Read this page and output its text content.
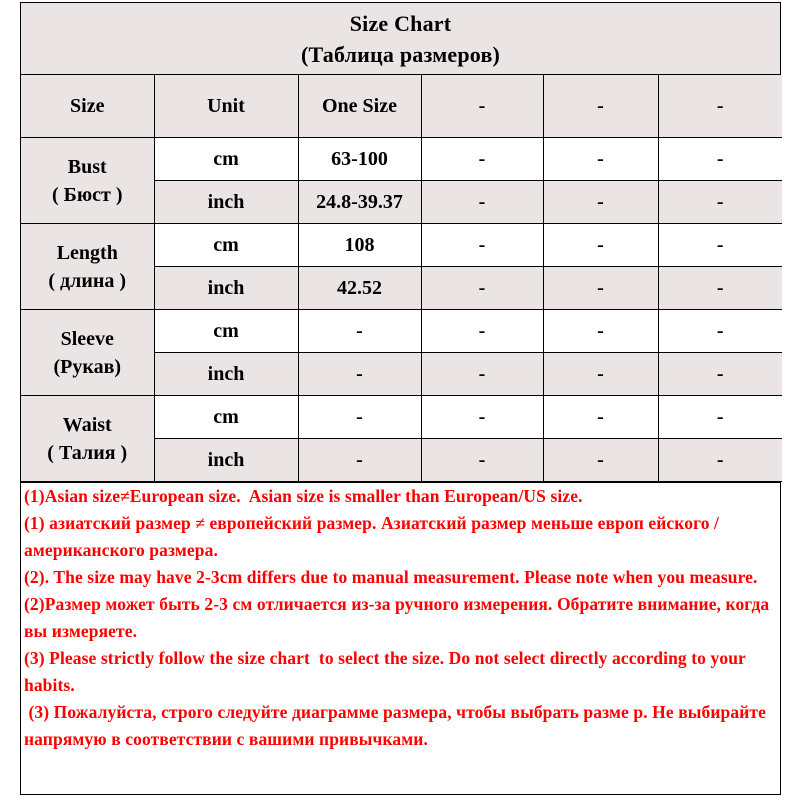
Size Chart
(Таблица размеров)
Size	Unit	One Size	-	-	-

Bust
( Бюст )	cm	63-100	-	-	-
	inch	24.8-39.37	-	-	-

Length
( длина )	cm	108	-	-	-
	inch	42.52	-	-	-

Sleeve
(Рукав)	cm	-	-	-	-
	inch	-	-	-	-

Waist
( Талия )	cm	-	-	-	-
	inch	-	-	-	-

(1)Asian size≠European size.  Asian size is smaller than European/US size.

(1) азиатский размер ≠ европейский размер. Азиатский размер меньше европ ейского / американского размера.

(2). The size may have 2-3cm differs due to manual measurement. Please note when you measure.

(2)Размер может быть 2-3 см отличается из-за ручного измерения. Обратите внимание, когда вы измеряете.

(3) Please strictly follow the size chart  to select the size. Do not select directly according to your habits.

(3) Пожалуйста, строго следуйте диаграмме размера, чтобы выбрать разме р. Не выбирайте напрямую в соответствии с вашими привычками.
